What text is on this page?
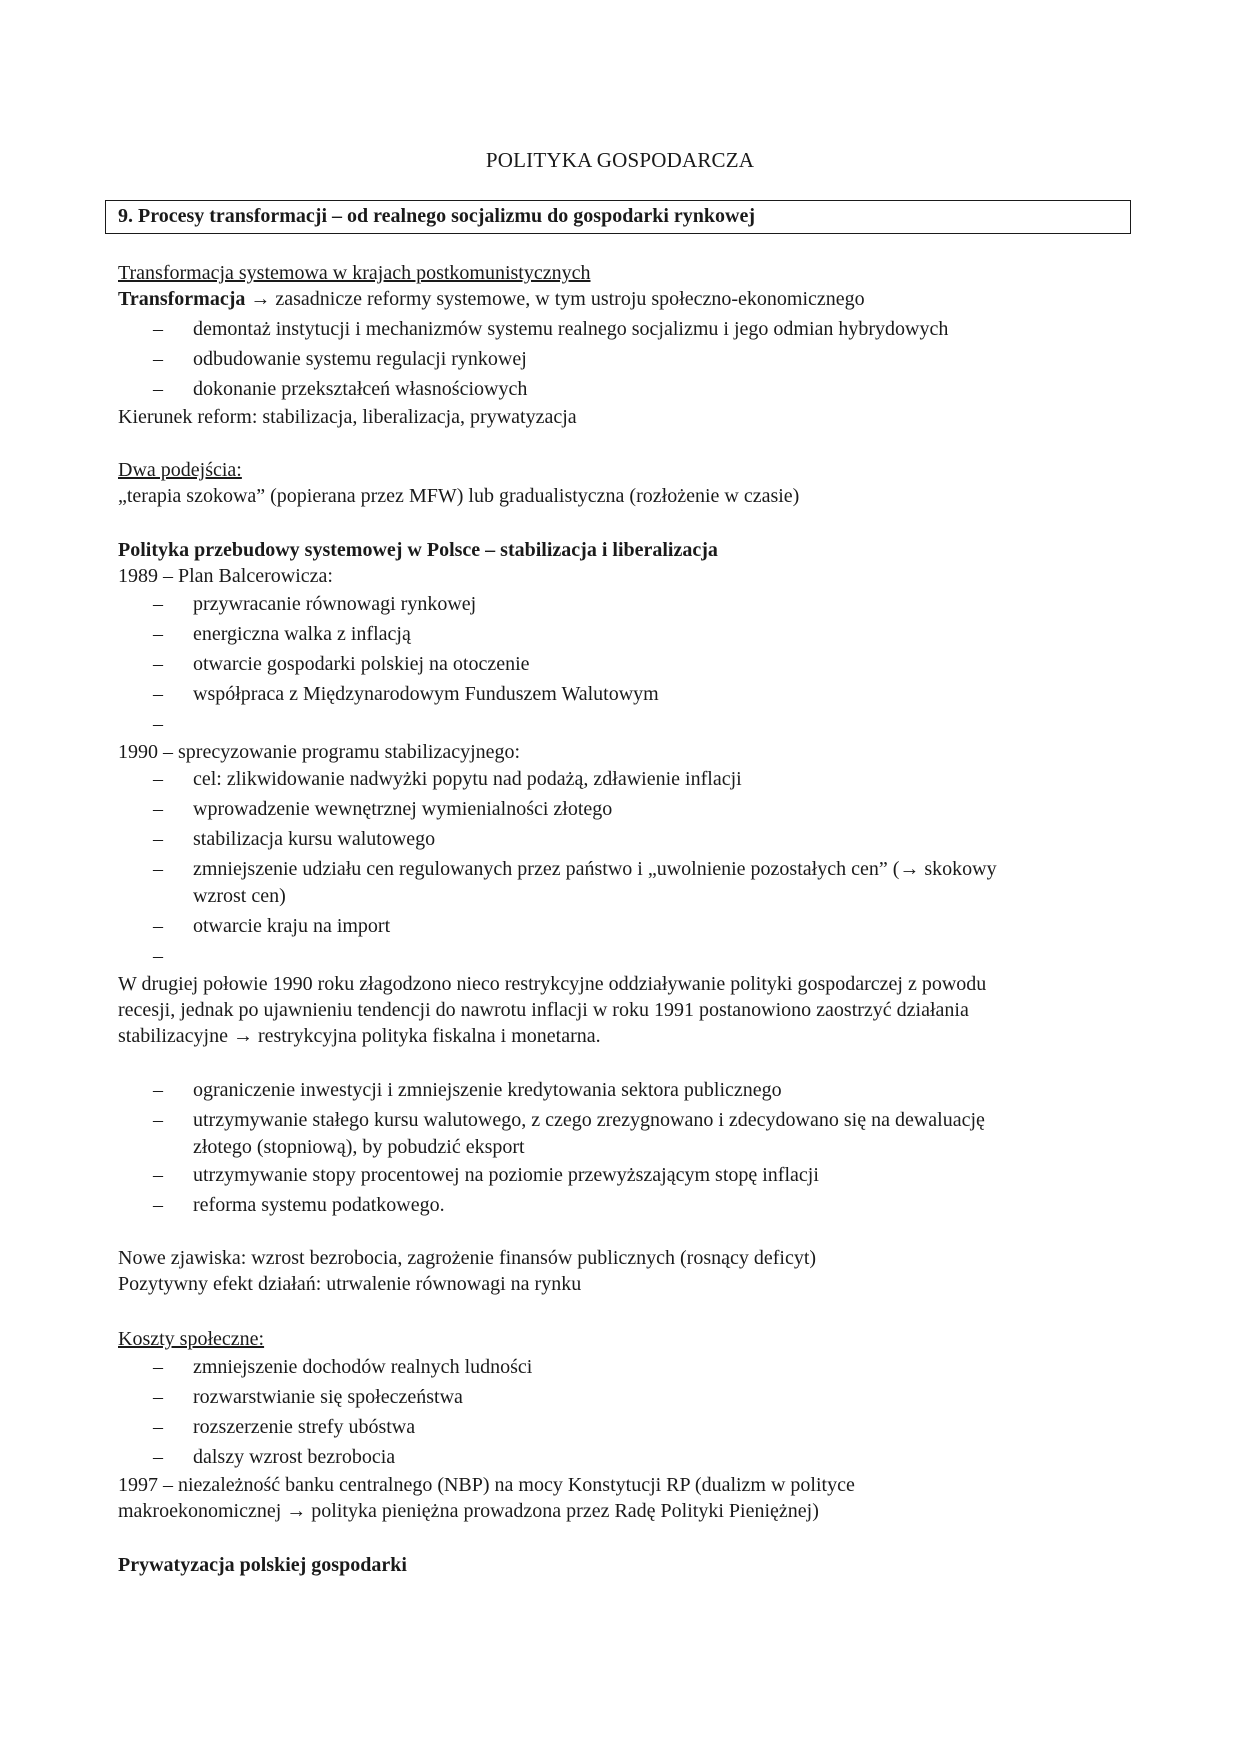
POLITYKA GOSPODARCZA
9. Procesy transformacji – od realnego socjalizmu do gospodarki rynkowej
Transformacja systemowa w krajach postkomunistycznych
Transformacja → zasadnicze reformy systemowe, w tym ustroju społeczno-ekonomicznego
– demontaż instytucji i mechanizmów systemu realnego socjalizmu i jego odmian hybrydowych
– odbudowanie systemu regulacji rynkowej
– dokonanie przekształceń własnościowych
Kierunek reform: stabilizacja, liberalizacja, prywatyzacja
Dwa podejścia:
„terapia szokowa” (popierana przez MFW) lub gradualistyczna (rozłożenie w czasie)
Polityka przebudowy systemowej w Polsce – stabilizacja i liberalizacja
1989 – Plan Balcerowicza:
– przywracanie równowagi rynkowej
– energiczna walka z inflacją
– otwarcie gospodarki polskiej na otoczenie
– współpraca z Międzynarodowym Funduszem Walutowym
–
1990 – sprecyzowanie programu stabilizacyjnego:
– cel: zlikwidowanie nadwyżki popytu nad podażą, zdławienie inflacji
– wprowadzenie wewnętrznej wymienialności złotego
– stabilizacja kursu walutowego
– zmniejszenie udziału cen regulowanych przez państwo i „uwolnienie pozostałych cen” (→ skokowy
wzrost cen)
– otwarcie kraju na import
–
W drugiej połowie 1990 roku złagodzono nieco restrykcyjne oddziaływanie polityki gospodarczej z powodu
recesji, jednak po ujawnieniu tendencji do nawrotu inflacji w roku 1991 postanowiono zaostrzyć działania
stabilizacyjne → restrykcyjna polityka fiskalna i monetarna.
– ograniczenie inwestycji i zmniejszenie kredytowania sektora publicznego
– utrzymywanie stałego kursu walutowego, z czego zrezygnowano i zdecydowano się na dewaluację
złotego (stopniową), by pobudzić eksport
– utrzymywanie stopy procentowej na poziomie przewyższającym stopę inflacji
– reforma systemu podatkowego.
Nowe zjawiska: wzrost bezrobocia, zagrożenie finansów publicznych (rosnący deficyt)
Pozytywny efekt działań: utrwalenie równowagi na rynku
Koszty społeczne:
– zmniejszenie dochodów realnych ludności
– rozwarstwianie się społeczeństwa
– rozszerzenie strefy ubóstwa
– dalszy wzrost bezrobocia
1997 – niezależność banku centralnego (NBP) na mocy Konstytucji RP (dualizm w polityce
makroekonomicznej → polityka pieniężna prowadzona przez Radę Polityki Pieniężnej)
Prywatyzacja polskiej gospodarki
